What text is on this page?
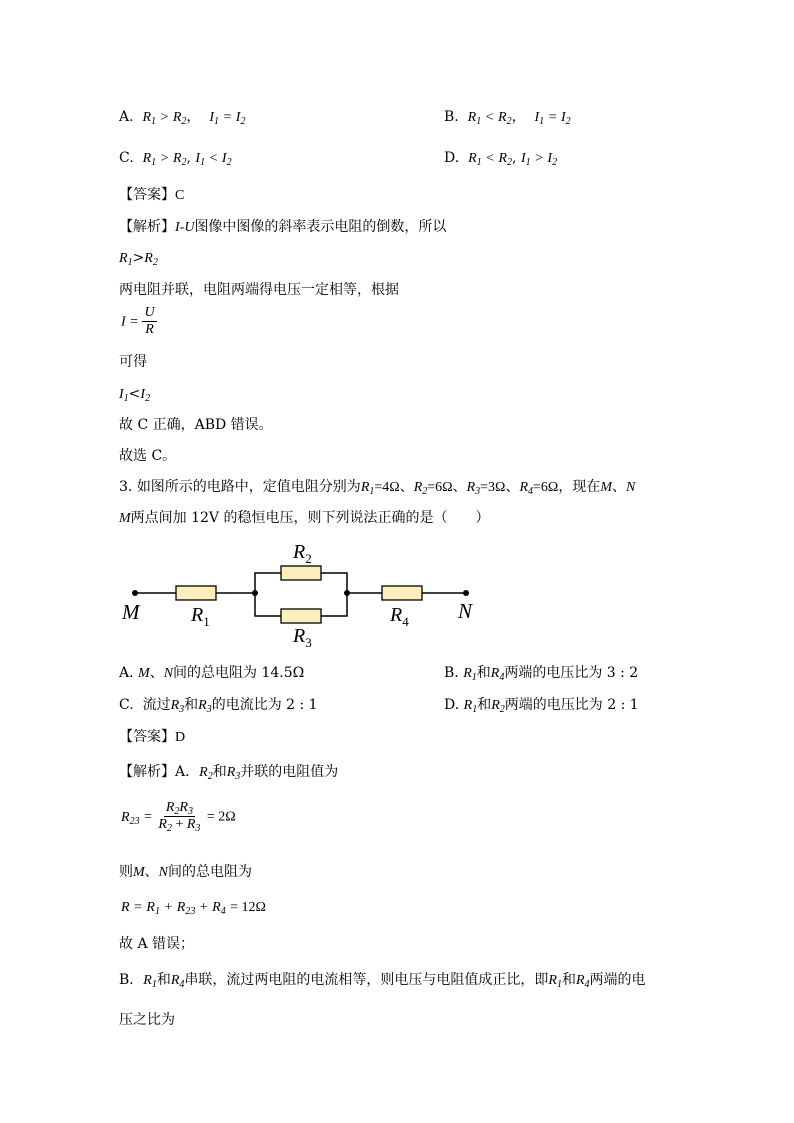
A. $R_1 > R_2$，  $I_1 = I_2$	B. $R_1 < R_2$，  $I_1 = I_2$
C. $R_1 > R_2$, $I_1 < I_2$	D. $R_1 < R_2$, $I_1 > I_2$
【答案】C
【解析】I-U图像中图像的斜率表示电阻的倒数，所以
$R_1>R_2$
两电阻并联，电阻两端得电压一定相等，根据
$I = \frac{U}{R}$
可得
$I_1<I_2$
故 C 正确，ABD 错误。
故选 C。
3. 如图所示的电路中，定值电阻分别为$R_1=4\Omega$、$R_2=6\Omega$、$R_3=3\Omega$、$R_4=6\Omega$，现在M、N
M两点间加 12V 的稳恒电压，则下列说法正确的是（　　）
M	N
$R_1$
$R_2$
$R_3$
$R_4$
A. M、N间的总电阻为 14.5Ω	B. $R_1$和$R_4$两端的电压比为 3 : 2
C. 流过$R_3$和$R_3$的电流比为 2 : 1	D. $R_1$和$R_2$两端的电压比为 2 : 1
【答案】D
【解析】A．$R_2$和$R_3$并联的电阻值为
$R_{23} = \frac{R_2R_3}{R_2 + R_3} = 2\Omega$
则M、N间的总电阻为
$R = R_1 + R_{23} + R_4 = 12\Omega$
故 A 错误；
B．$R_1$和$R_4$串联，流过两电阻的电流相等，则电压与电阻值成正比，即$R_1$和$R_4$两端的电
压之比为
